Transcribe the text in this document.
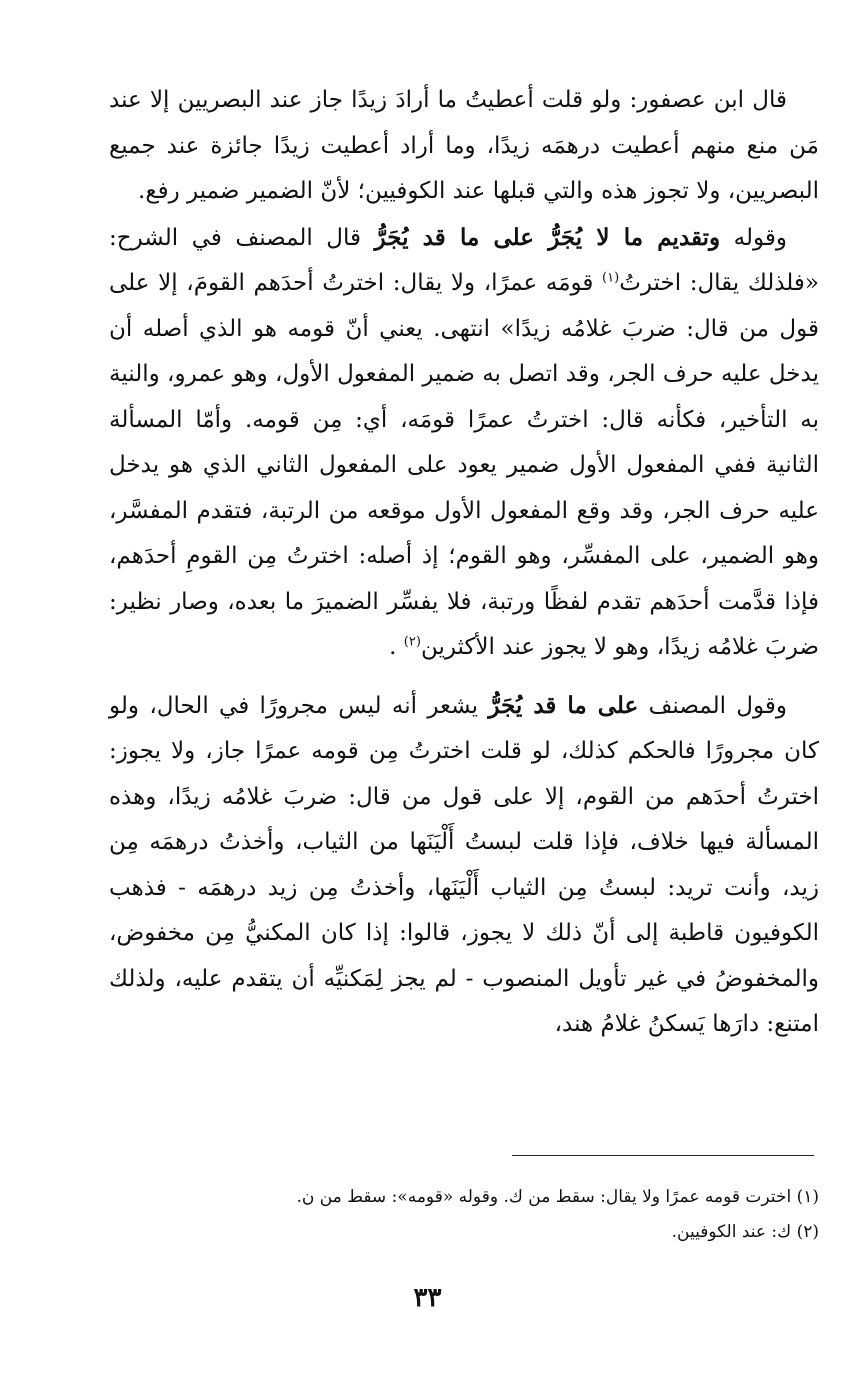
قال ابن عصفور: ولو قلت أعطيتُ ما أرادَ زيدًا جاز عند البصريين إلا عند مَن منع منهم أعطيت درهمَه زيدًا، وما أراد أعطيت زيدًا جائزة عند جميع البصريين، ولا تجوز هذه والتي قبلها عند الكوفيين؛ لأنّ الضمير ضمير رفع.

وقوله وتقديم ما لا يُجَرُّ على ما قد يُجَرُّ قال المصنف في الشرح: «فلذلك يقال: اخترتُ$^{(١)}$ قومَه عمرًا، ولا يقال: اخترتُ أحدَهم القومَ، إلا على قول من قال: ضربَ غلامُه زيدًا» انتهى. يعني أنّ قومه هو الذي أصله أن يدخل عليه حرف الجر، وقد اتصل به ضمير المفعول الأول، وهو عمرو، والنية به التأخير، فكأنه قال: اخترتُ عمرًا قومَه، أي: مِن قومه. وأمّا المسألة الثانية ففي المفعول الأول ضمير يعود على المفعول الثاني الذي هو يدخل عليه حرف الجر، وقد وقع المفعول الأول موقعه من الرتبة، فتقدم المفسَّر، وهو الضمير، على المفسِّر، وهو القوم؛ إذ أصله: اخترتُ مِن القومِ أحدَهم، فإذا قدَّمت أحدَهم تقدم لفظًا ورتبة، فلا يفسِّر الضميرَ ما بعده، وصار نظير: ضربَ غلامُه زيدًا، وهو لا يجوز عند الأكثرين$^{(٢)}$ .

وقول المصنف على ما قد يُجَرُّ يشعر أنه ليس مجرورًا في الحال، ولو كان مجرورًا فالحكم كذلك، لو قلت اخترتُ مِن قومه عمرًا جاز، ولا يجوز: اخترتُ أحدَهم من القوم، إلا على قول من قال: ضربَ غلامُه زيدًا، وهذه المسألة فيها خلاف، فإذا قلت لبستُ أَلْيَنَها من الثياب، وأخذتُ درهمَه مِن زيد، وأنت تريد: لبستُ مِن الثياب أَلْيَنَها، وأخذتُ مِن زيد درهمَه - فذهب الكوفيون قاطبة إلى أنّ ذلك لا يجوز، قالوا: إذا كان المكنيُّ مِن مخفوض، والمخفوضُ في غير تأويل المنصوب - لم يجز لِمَكنيِّه أن يتقدم عليه، ولذلك امتنع: دارَها يَسكنُ غلامُ هند،

(١) اخترت قومه عمرًا ولا يقال: سقط من ك. وقوله «قومه»: سقط من ن.
(٢) ك: عند الكوفيين.
٣٣
